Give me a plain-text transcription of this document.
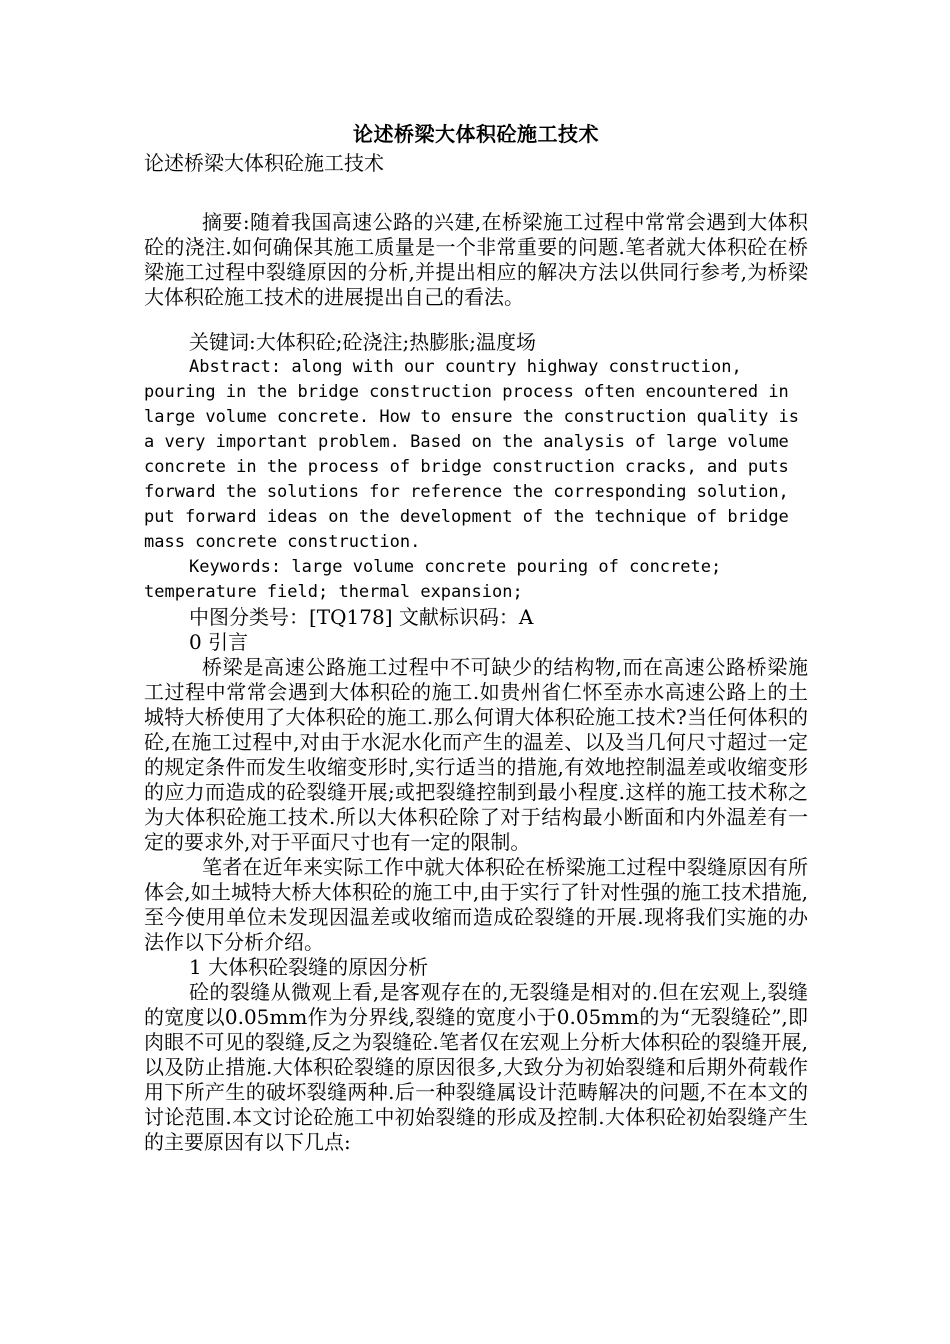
论述桥梁大体积砼施工技术

论述桥梁大体积砼施工技术

摘要:随着我国高速公路的兴建,在桥梁施工过程中常常会遇到大体积砼的浇注.如何确保其施工质量是一个非常重要的问题.笔者就大体积砼在桥梁施工过程中裂缝原因的分析,并提出相应的解决方法以供同行参考,为桥梁大体积砼施工技术的进展提出自己的看法。

关键词:大体积砼;砼浇注;热膨胀;温度场

Abstract: along with our country highway construction, pouring in the bridge construction process often encountered in large volume concrete. How to ensure the construction quality is a very important problem. Based on the analysis of large volume concrete in the process of bridge construction cracks, and puts forward the solutions for reference the corresponding solution, put forward ideas on the development of the technique of bridge mass concrete construction.

Keywords: large volume concrete pouring of concrete; temperature field; thermal expansion;

中图分类号：[TQ178] 文献标识码：A

0 引言

桥梁是高速公路施工过程中不可缺少的结构物,而在高速公路桥梁施工过程中常常会遇到大体积砼的施工.如贵州省仁怀至赤水高速公路上的土城特大桥使用了大体积砼的施工.那么何谓大体积砼施工技术?当任何体积的砼,在施工过程中,对由于水泥水化而产生的温差、以及当几何尺寸超过一定的规定条件而发生收缩变形时,实行适当的措施,有效地控制温差或收缩变形的应力而造成的砼裂缝开展;或把裂缝控制到最小程度.这样的施工技术称之为大体积砼施工技术.所以大体积砼除了对于结构最小断面和内外温差有一定的要求外,对于平面尺寸也有一定的限制。

笔者在近年来实际工作中就大体积砼在桥梁施工过程中裂缝原因有所体会,如土城特大桥大体积砼的施工中,由于实行了针对性强的施工技术措施,至今使用单位未发现因温差或收缩而造成砼裂缝的开展.现将我们实施的办法作以下分析介绍。

1 大体积砼裂缝的原因分析

砼的裂缝从微观上看,是客观存在的,无裂缝是相对的.但在宏观上,裂缝的宽度以0.05mm作为分界线,裂缝的宽度小于0.05mm的为“无裂缝砼”,即肉眼不可见的裂缝,反之为裂缝砼.笔者仅在宏观上分析大体积砼的裂缝开展,以及防止措施.大体积砼裂缝的原因很多,大致分为初始裂缝和后期外荷载作用下所产生的破坏裂缝两种.后一种裂缝属设计范畴解决的问题,不在本文的讨论范围.本文讨论砼施工中初始裂缝的形成及控制.大体积砼初始裂缝产生的主要原因有以下几点:
